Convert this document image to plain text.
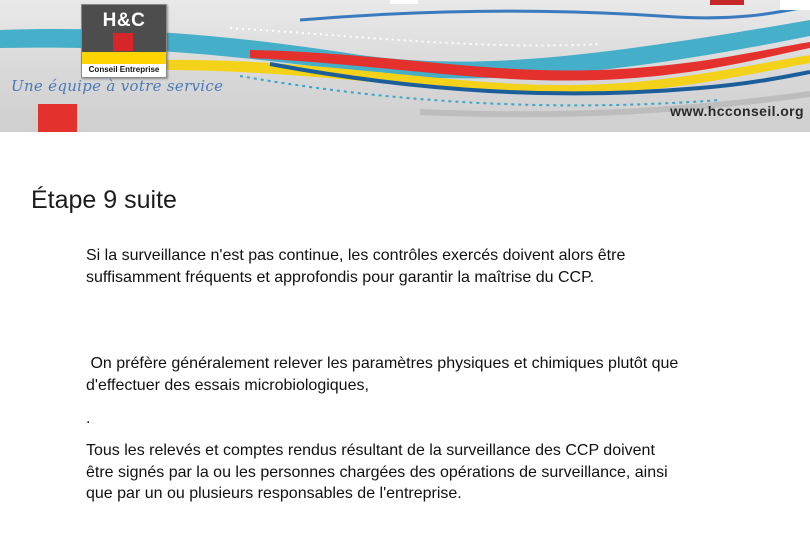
H&C
Conseil Entreprise
Une équipe à votre service
www.hcconseil.org
Étape 9 suite

Si la surveillance n'est pas continue, les contrôles exercés doivent alors être suffisamment fréquents et approfondis pour garantir la maîtrise du CCP.

On préfère généralement relever les paramètres physiques et chimiques plutôt que d'effectuer des essais microbiologiques,

.

Tous les relevés et comptes rendus résultant de la surveillance des CCP doivent être signés par la ou les personnes chargées des opérations de surveillance, ainsi que par un ou plusieurs responsables de l'entreprise.
